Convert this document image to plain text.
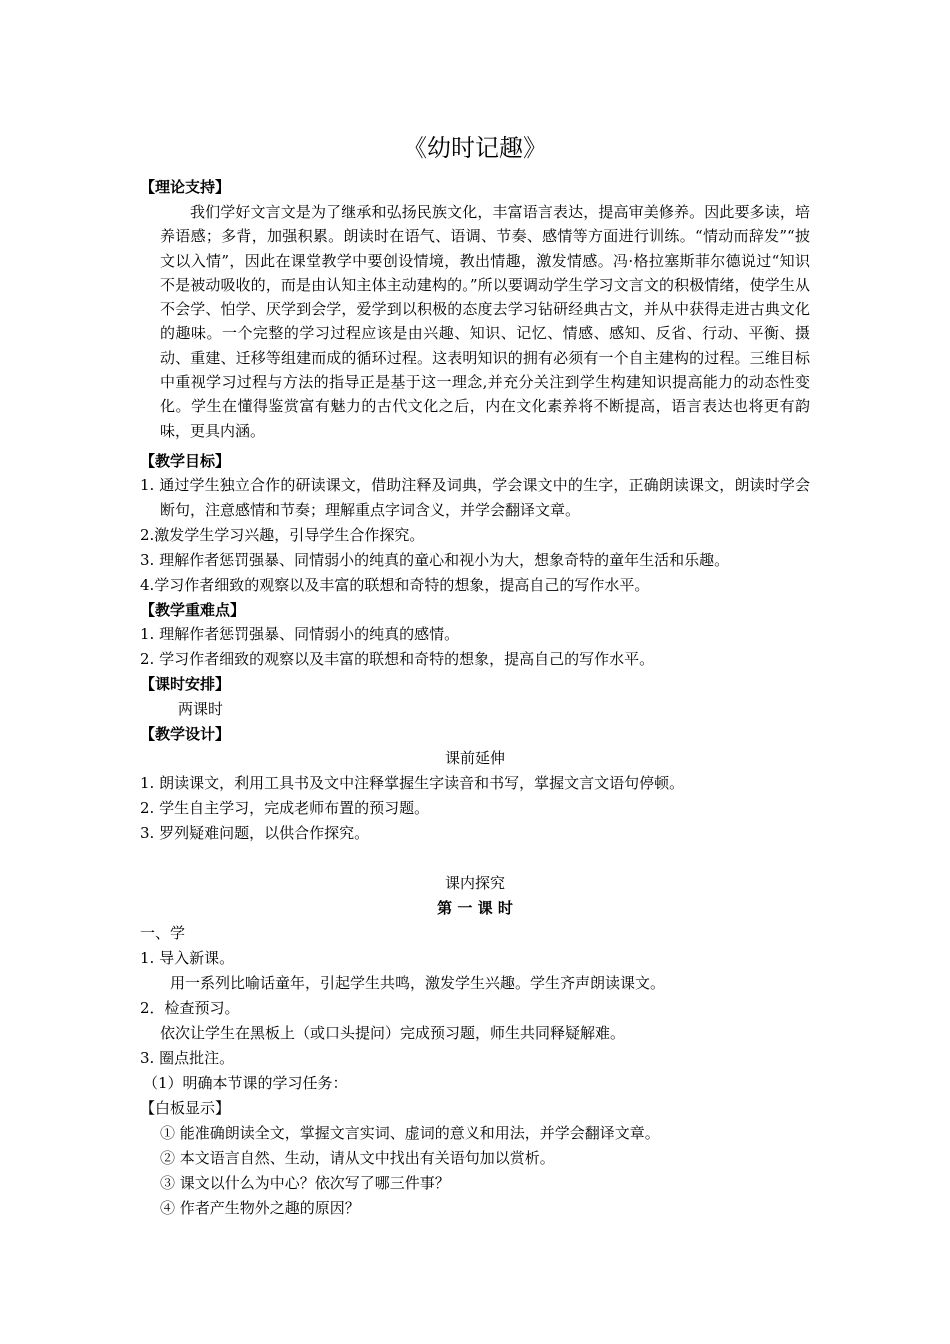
《幼时记趣》
【理论支持】
我们学好文言文是为了继承和弘扬民族文化，丰富语言表达，提高审美修养。因此要多读，培养语感；多背，加强积累。朗读时在语气、语调、节奏、感情等方面进行训练。“情动而辞发”“披文以入情”，因此在课堂教学中要创设情境，教出情趣，激发情感。冯·格拉塞斯菲尔德说过“知识不是被动吸收的，而是由认知主体主动建构的。”所以要调动学生学习文言文的积极情绪，使学生从不会学、怕学、厌学到会学，爱学到以积极的态度去学习钻研经典古文，并从中获得走进古典文化的趣味。一个完整的学习过程应该是由兴趣、知识、记忆、情感、感知、反省、行动、平衡、摄动、重建、迁移等组建而成的循环过程。这表明知识的拥有必须有一个自主建构的过程。三维目标中重视学习过程与方法的指导正是基于这一理念,并充分关注到学生构建知识提高能力的动态性变化。学生在懂得鉴赏富有魅力的古代文化之后，内在文化素养将不断提高，语言表达也将更有韵味，更具内涵。
【教学目标】
1. 通过学生独立合作的研读课文，借助注释及词典，学会课文中的生字，正确朗读课文，朗读时学会断句，注意感情和节奏；理解重点字词含义，并学会翻译文章。
2.激发学生学习兴趣，引导学生合作探究。
3. 理解作者惩罚强暴、同情弱小的纯真的童心和视小为大，想象奇特的童年生活和乐趣。
4.学习作者细致的观察以及丰富的联想和奇特的想象，提高自己的写作水平。
【教学重难点】
1. 理解作者惩罚强暴、同情弱小的纯真的感情。
2. 学习作者细致的观察以及丰富的联想和奇特的想象，提高自己的写作水平。
【课时安排】
两课时
【教学设计】
课前延伸
1. 朗读课文，利用工具书及文中注释掌握生字读音和书写，掌握文言文语句停顿。
2. 学生自主学习，完成老师布置的预习题。
3. 罗列疑难问题，以供合作探究。
课内探究
第 一 课 时
一、学
1. 导入新课。
用一系列比喻话童年，引起学生共鸣，激发学生兴趣。学生齐声朗读课文。
2．检查预习。
依次让学生在黑板上（或口头提问）完成预习题，师生共同释疑解难。
3. 圈点批注。
（1）明确本节课的学习任务：
【白板显示】
① 能准确朗读全文，掌握文言实词、虚词的意义和用法，并学会翻译文章。
② 本文语言自然、生动，请从文中找出有关语句加以赏析。
③ 课文以什么为中心？依次写了哪三件事？
④ 作者产生物外之趣的原因？
